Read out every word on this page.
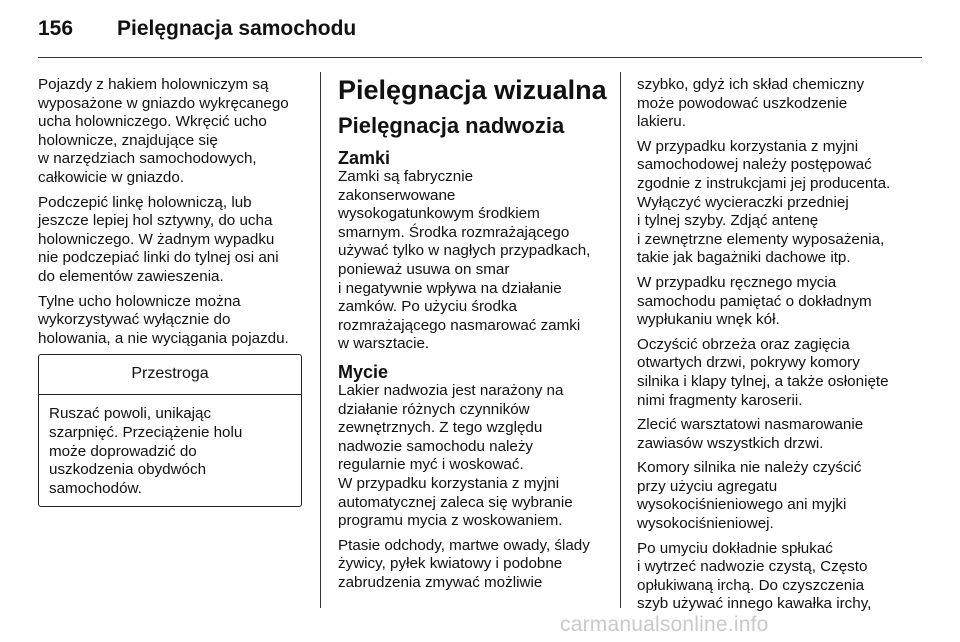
156 Pielęgnacja samochodu

Pojazdy z hakiem holowniczym są
wyposażone w gniazdo wykręcanego
ucha holowniczego. Wkręcić ucho
holownicze, znajdujące się
w narzędziach samochodowych,
całkowicie w gniazdo.

Podczepić linkę holowniczą, lub
jeszcze lepiej hol sztywny, do ucha
holowniczego. W żadnym wypadku
nie podczepiać linki do tylnej osi ani
do elementów zawieszenia.

Tylne ucho holownicze można
wykorzystywać wyłącznie do
holowania, a nie wyciągania pojazdu.

Przestroga
Ruszać powoli, unikając
szarpnięć. Przeciążenie holu
może doprowadzić do
uszkodzenia obydwóch
samochodów.
Pielęgnacja wizualna
Pielęgnacja nadwozia
Zamki

Zamki są fabrycznie
zakonserwowane
wysokogatunkowym środkiem
smarnym. Środka rozmrażającego
używać tylko w nagłych przypadkach,
ponieważ usuwa on smar
i negatywnie wpływa na działanie
zamków. Po użyciu środka
rozmrażającego nasmarować zamki
w warsztacie.

Mycie

Lakier nadwozia jest narażony na
działanie różnych czynników
zewnętrznych. Z tego względu
nadwozie samochodu należy
regularnie myć i woskować.
W przypadku korzystania z myjni
automatycznej zaleca się wybranie
programu mycia z woskowaniem.

Ptasie odchody, martwe owady, ślady
żywicy, pyłek kwiatowy i podobne
zabrudzenia zmywać możliwie

szybko, gdyż ich skład chemiczny
może powodować uszkodzenie
lakieru.

W przypadku korzystania z myjni
samochodowej należy postępować
zgodnie z instrukcjami jej producenta.
Wyłączyć wycieraczki przedniej
i tylnej szyby. Zdjąć antenę
i zewnętrzne elementy wyposażenia,
takie jak bagażniki dachowe itp.

W przypadku ręcznego mycia
samochodu pamiętać o dokładnym
wypłukaniu wnęk kół.

Oczyścić obrzeża oraz zagięcia
otwartych drzwi, pokrywy komory
silnika i klapy tylnej, a także osłonięte
nimi fragmenty karoserii.

Zlecić warsztatowi nasmarowanie
zawiasów wszystkich drzwi.

Komory silnika nie należy czyścić
przy użyciu agregatu
wysokociśnieniowego ani myjki
wysokociśnieniowej.

Po umyciu dokładnie spłukać
i wytrzeć nadwozie czystą, Często
opłukiwaną irchą. Do czyszczenia
szyb używać innego kawałka irchy,

carmanualsonline.info
